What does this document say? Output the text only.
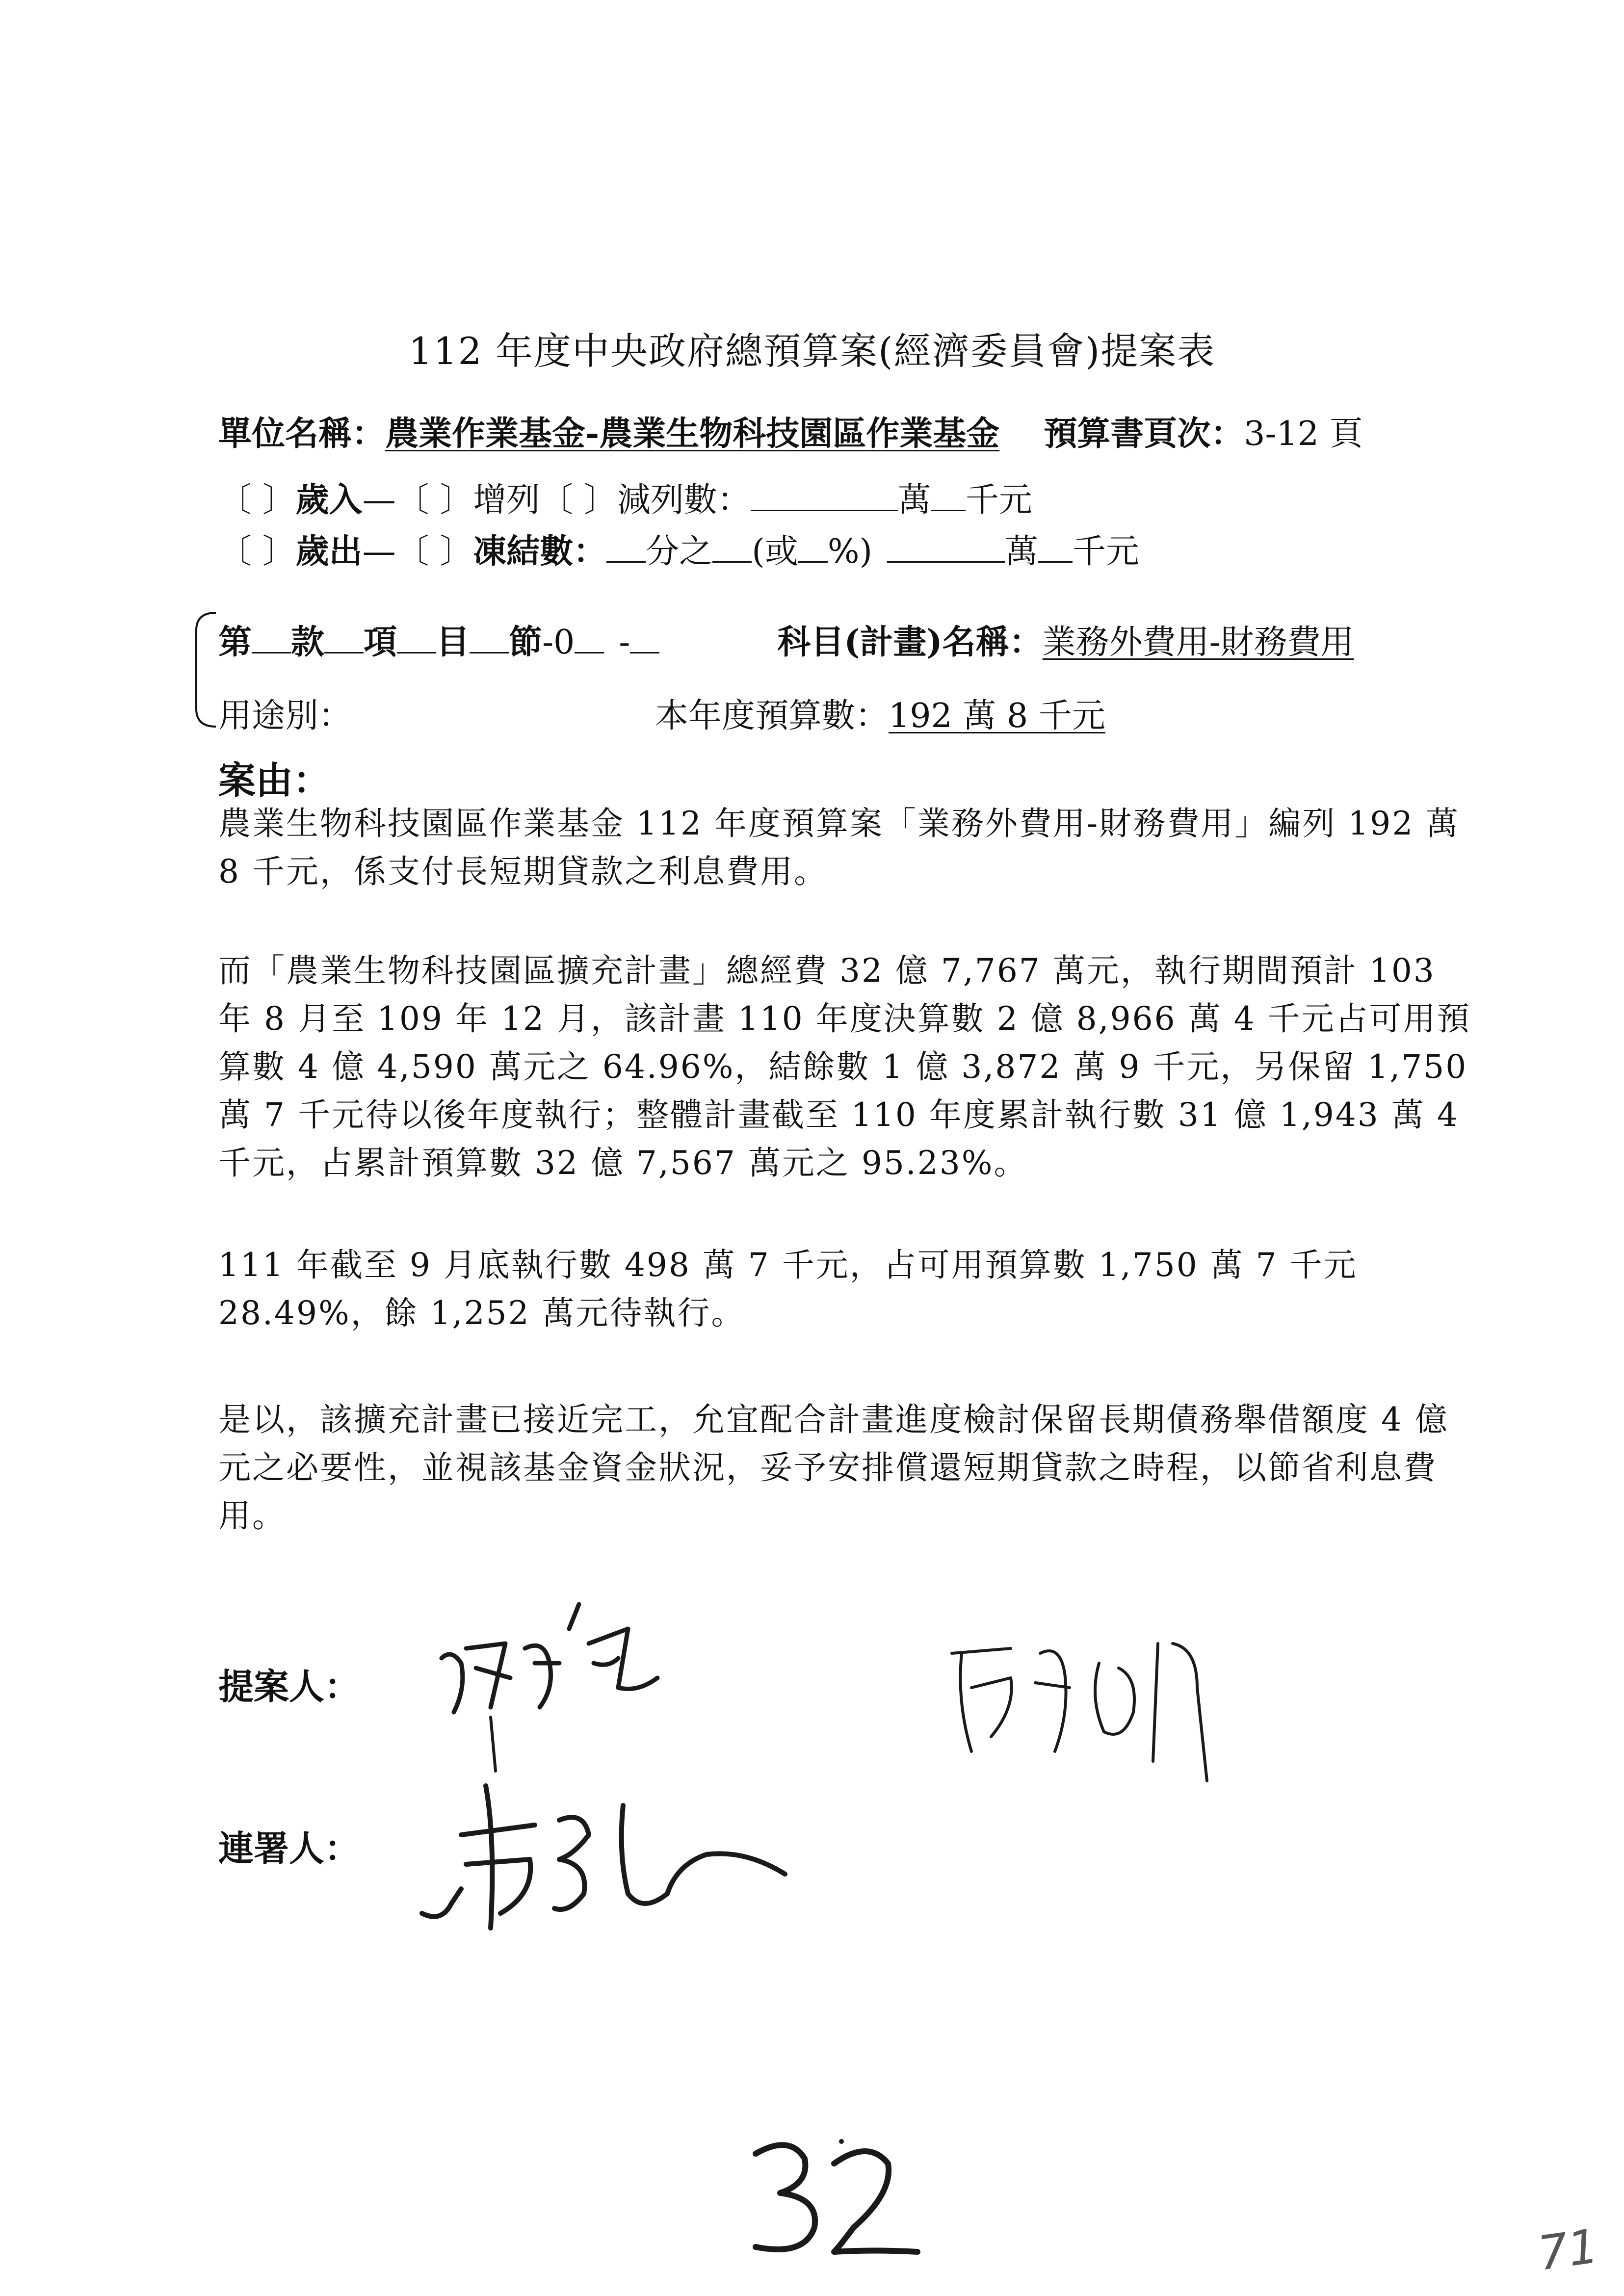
112 年度中央政府總預算案(經濟委員會)提案表
單位名稱：農業作業基金-農業生物科技園區作業基金 預算書頁次：3-12 頁
〔 〕歲入—〔 〕增列〔 〕減列數：	萬 千元
〔 〕歲出—〔 〕凍結數： 分之 (或 %)	萬 千元
第 款 項 目 節-0 -	科目(計畫)名稱：業務外費用-財務費用
用途別：	本年度預算數：192 萬 8 千元
案由：
農業生物科技園區作業基金 112 年度預算案「業務外費用-財務費用」編列 192 萬 8 千元，係支付長短期貸款之利息費用。
而「農業生物科技園區擴充計畫」總經費 32 億 7,767 萬元，執行期間預計 103 年 8 月至 109 年 12 月，該計畫 110 年度決算數 2 億 8,966 萬 4 千元占可用預算數 4 億 4,590 萬元之 64.96%，結餘數 1 億 3,872 萬 9 千元，另保留 1,750 萬 7 千元待以後年度執行；整體計畫截至 110 年度累計執行數 31 億 1,943 萬 4 千元，占累計預算數 32 億 7,567 萬元之 95.23%。
111 年截至 9 月底執行數 498 萬 7 千元，占可用預算數 1,750 萬 7 千元 28.49%，餘 1,252 萬元待執行。
是以，該擴充計畫已接近完工，允宜配合計畫進度檢討保留長期債務舉借額度 4 億元之必要性，並視該基金資金狀況，妥予安排償還短期貸款之時程，以節省利息費用。
提案人：
連署人：
71
